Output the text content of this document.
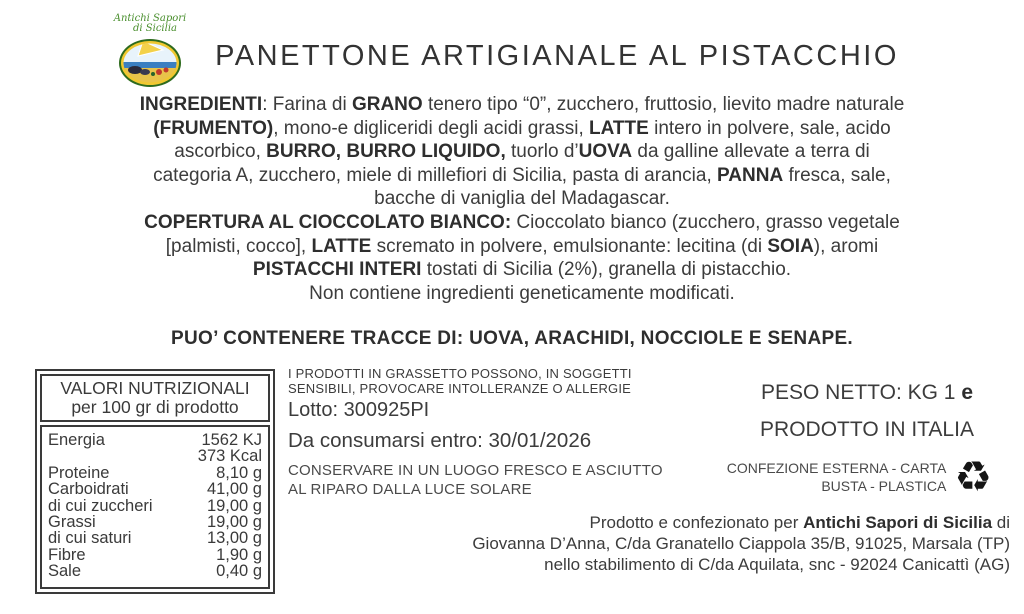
Antichi Sapori
di Sicilia
PANETTONE ARTIGIANALE AL PISTACCHIO
INGREDIENTI: Farina di GRANO tenero tipo “0”, zucchero, fruttosio, lievito madre naturale
(FRUMENTO), mono-e digliceridi degli acidi grassi, LATTE intero in polvere, sale, acido
ascorbico, BURRO, BURRO LIQUIDO, tuorlo d’UOVA da galline allevate a terra di
categoria A, zucchero, miele di millefiori di Sicilia, pasta di arancia, PANNA fresca, sale,
bacche di vaniglia del Madagascar.
COPERTURA AL CIOCCOLATO BIANCO: Cioccolato bianco (zucchero, grasso vegetale
[palmisti, cocco], LATTE scremato in polvere, emulsionante: lecitina (di SOIA), aromi
PISTACCHI INTERI tostati di Sicilia (2%), granella di pistacchio.
Non contiene ingredienti geneticamente modificati.
PUO’ CONTENERE TRACCE DI: UOVA, ARACHIDI, NOCCIOLE E SENAPE.
VALORI NUTRIZIONALI
per 100 gr di prodotto
Energia	1562 KJ
373 Kcal
Proteine	8,10 g
Carboidrati	41,00 g
di cui zuccheri	19,00 g
Grassi	19,00 g
di cui saturi	13,00 g
Fibre	1,90 g
Sale	0,40 g
I PRODOTTI IN GRASSETTO POSSONO, IN SOGGETTI
SENSIBILI, PROVOCARE INTOLLERANZE O ALLERGIE
Lotto: 300925PI
Da consumarsi entro: 30/01/2026
CONSERVARE IN UN LUOGO FRESCO E ASCIUTTO
AL RIPARO DALLA LUCE SOLARE
PESO NETTO: KG 1 e
PRODOTTO IN ITALIA
CONFEZIONE ESTERNA - CARTA
BUSTA - PLASTICA ♻
Prodotto e confezionato per Antichi Sapori di Sicilia di
Giovanna D’Anna, C/da Granatello Ciappola 35/B, 91025, Marsala (TP)
nello stabilimento di C/da Aquilata, snc - 92024 Canicattì (AG)
